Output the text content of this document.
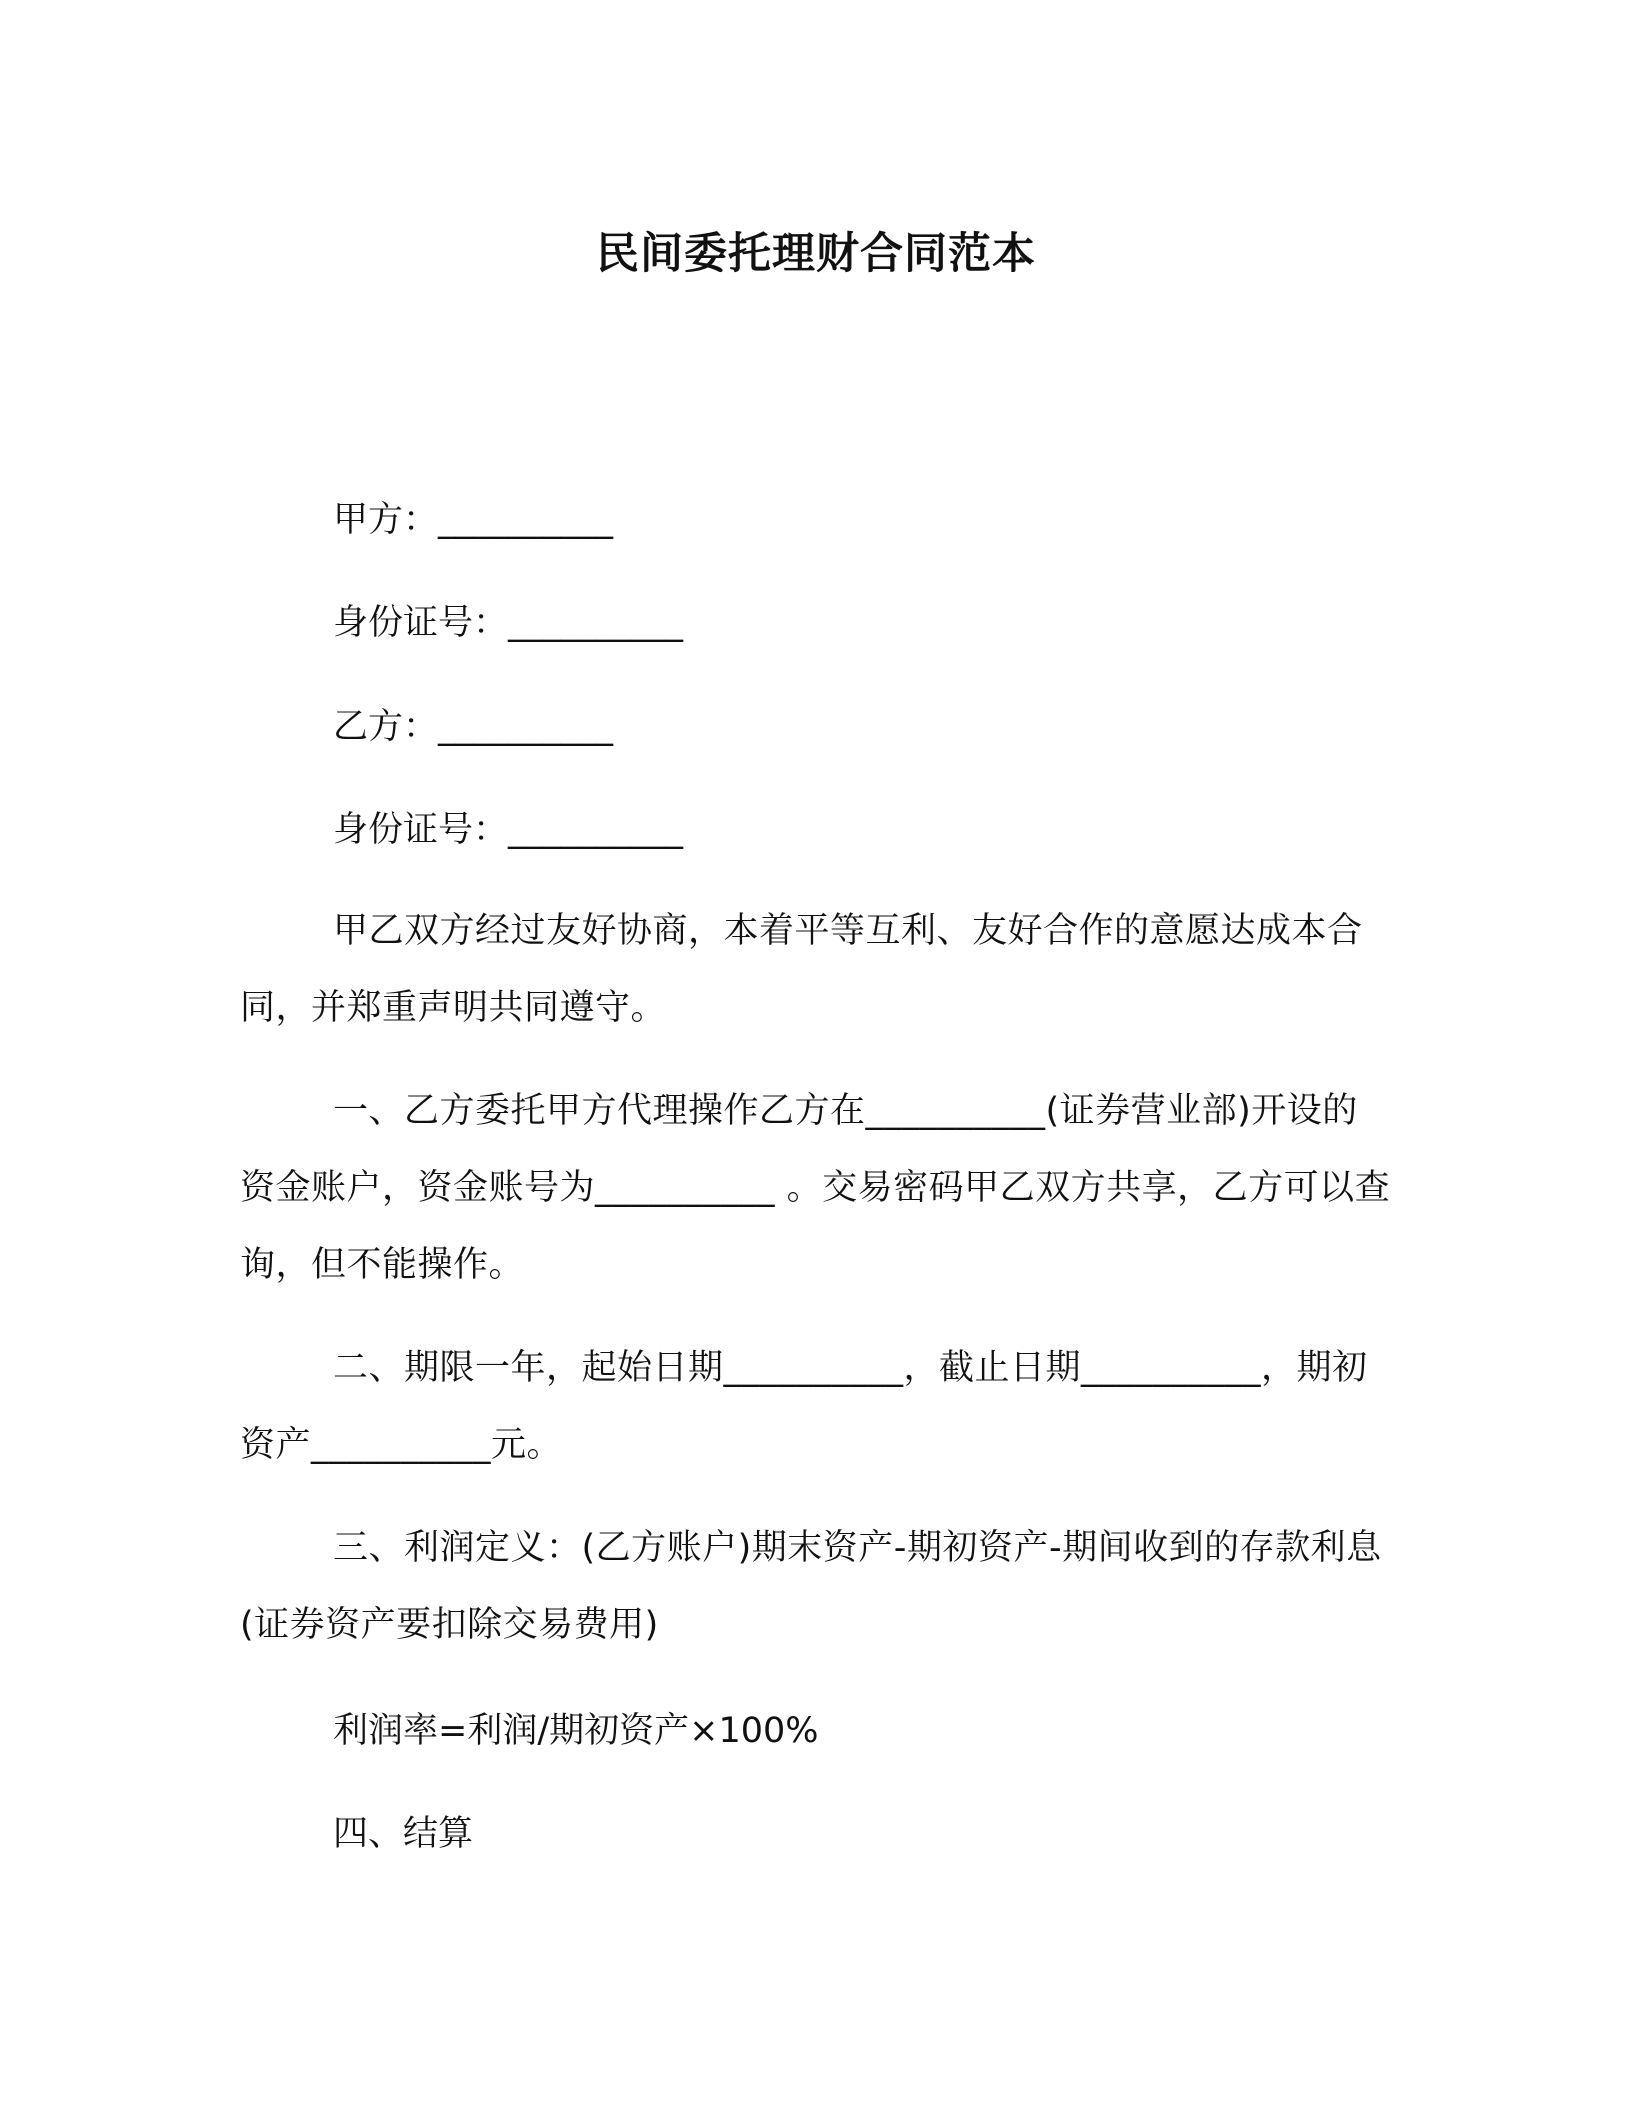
民间委托理财合同范本
甲方：__________
身份证号：__________
乙方：__________
身份证号：__________
甲乙双方经过友好协商，本着平等互利、友好合作的意愿达成本合同，并郑重声明共同遵守。
一、乙方委托甲方代理操作乙方在__________(证券营业部)开设的资金账户，资金账号为__________ 。交易密码甲乙双方共享，乙方可以查询，但不能操作。
二、期限一年，起始日期__________，截止日期__________，期初资产__________元。
三、利润定义：(乙方账户)期末资产-期初资产-期间收到的存款利息(证券资产要扣除交易费用)
利润率=利润/期初资产×100%
四、结算
